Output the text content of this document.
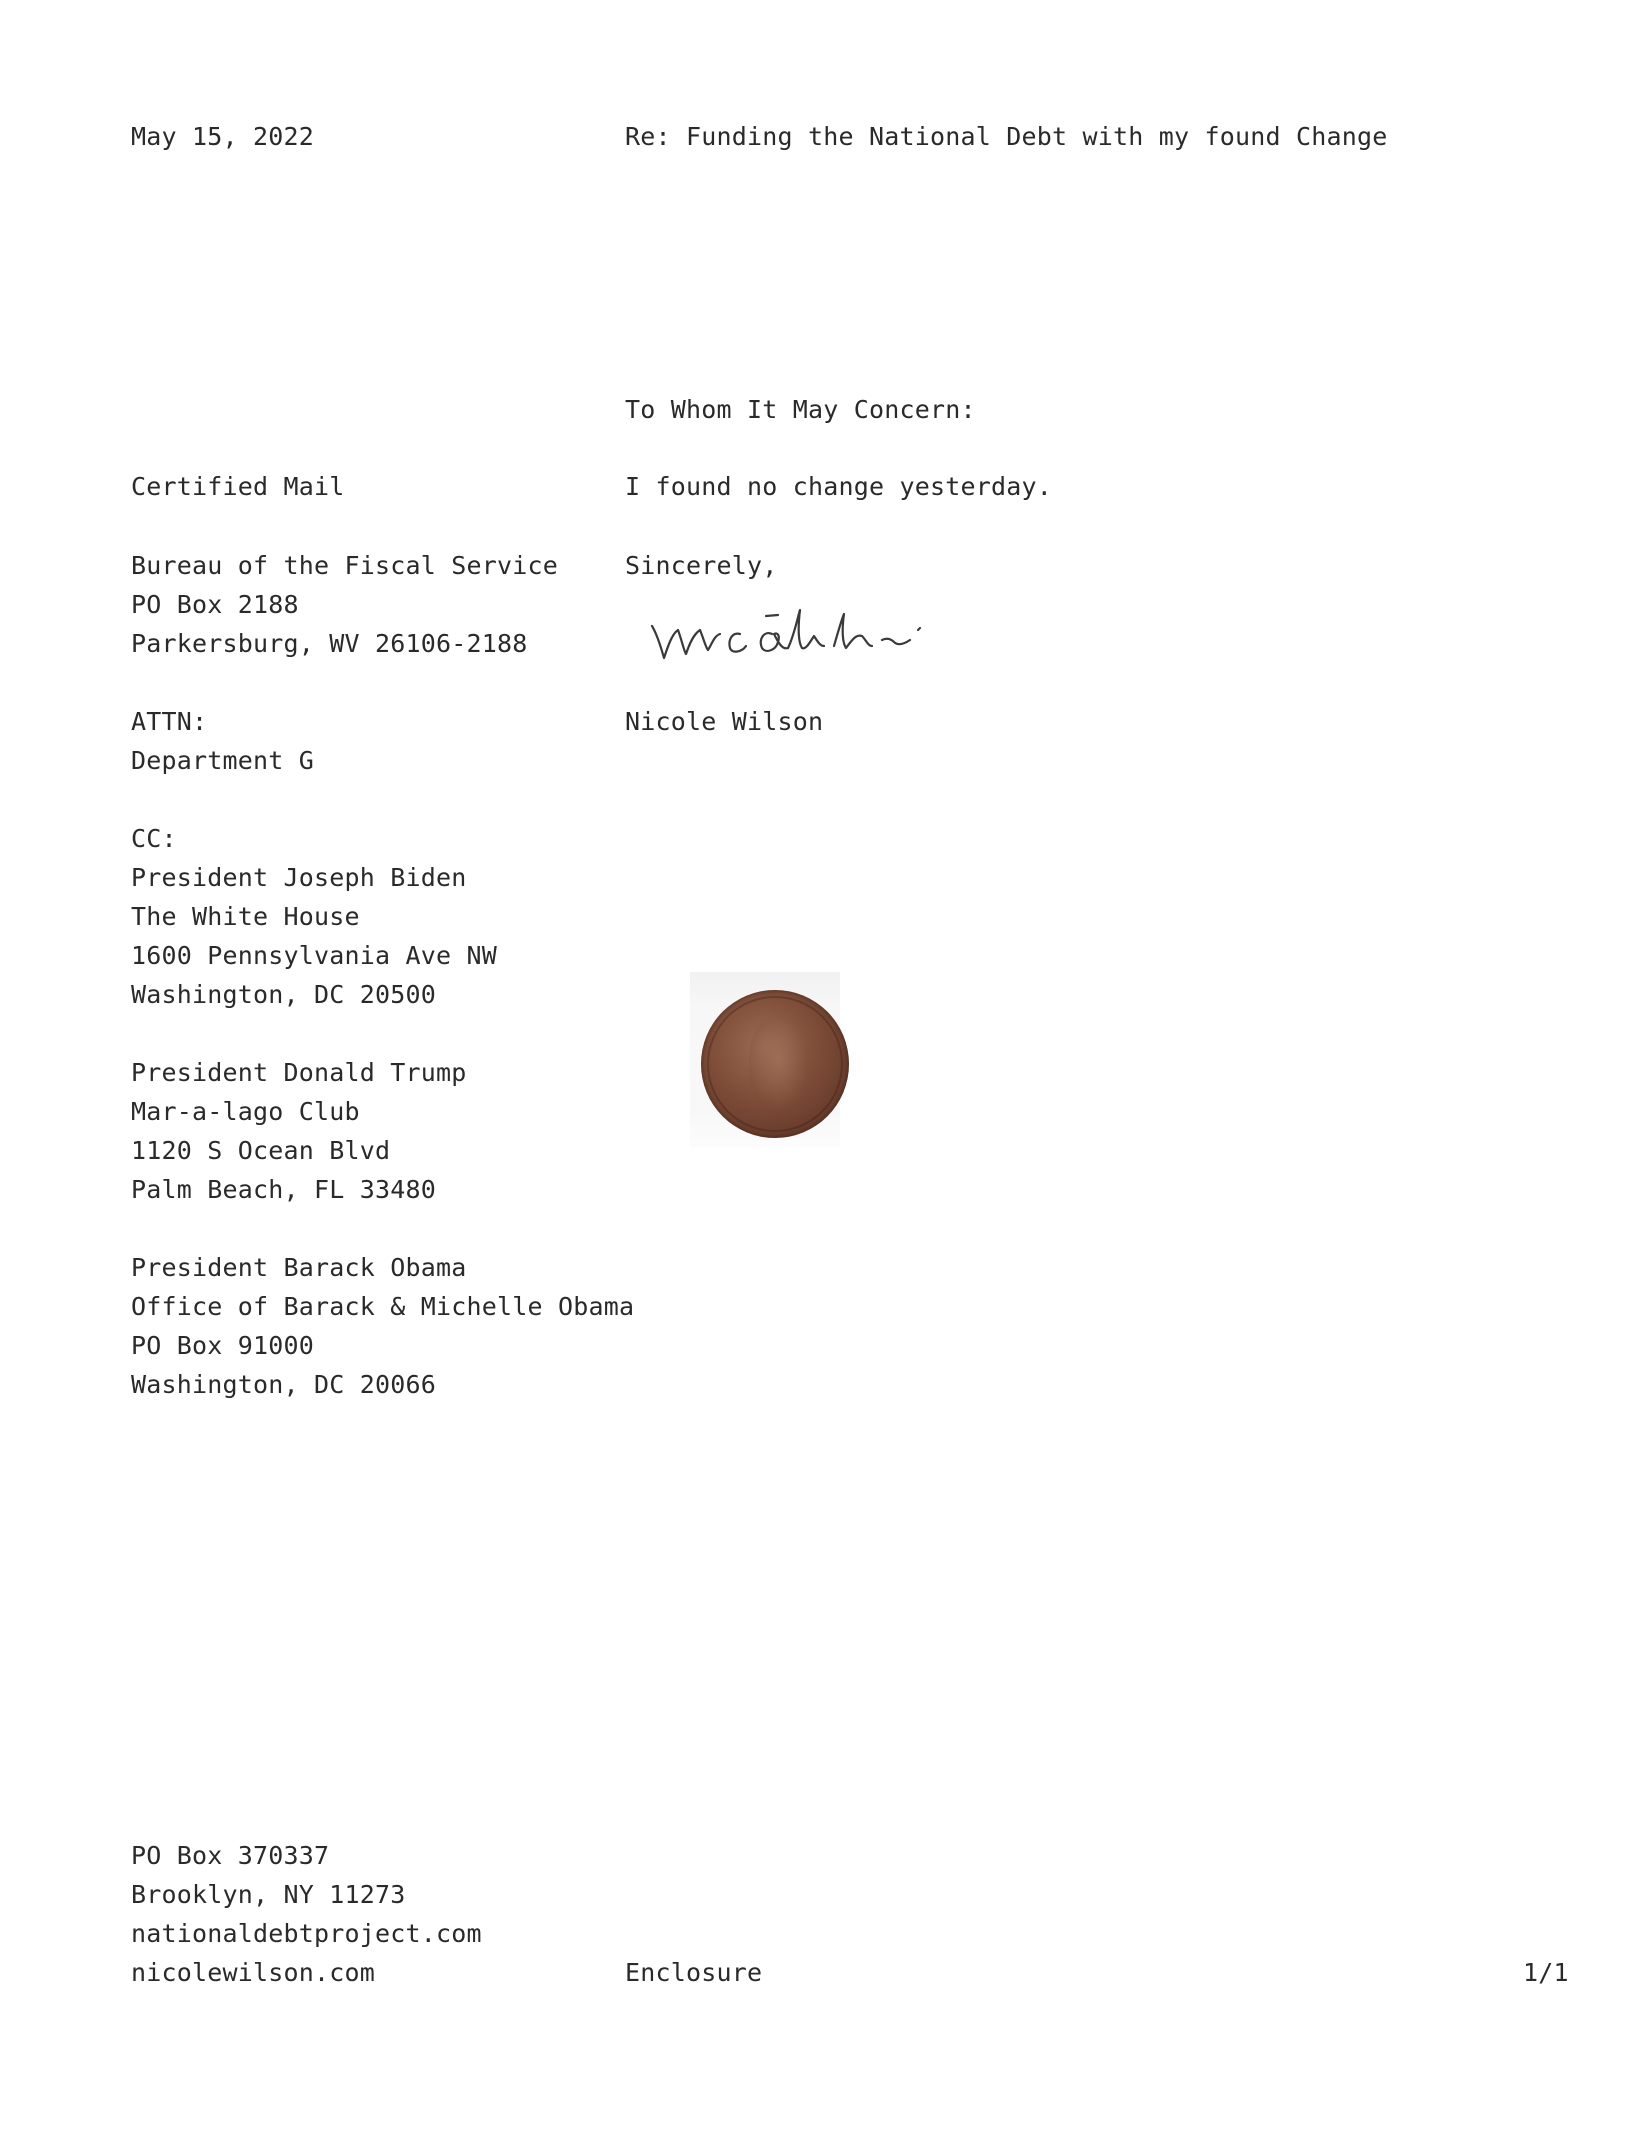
May 15, 2022	Re: Funding the National Debt with my found Change
To Whom It May Concern:
I found no change yesterday.
Sincerely,
Nicole Wilson
Certified Mail
Bureau of the Fiscal Service
PO Box 2188
Parkersburg, WV 26106-2188
ATTN:
Department G
CC:
President Joseph Biden
The White House
1600 Pennsylvania Ave NW
Washington, DC 20500
President Donald Trump
Mar-a-lago Club
1120 S Ocean Blvd
Palm Beach, FL 33480
President Barack Obama
Office of Barack & Michelle Obama
PO Box 91000
Washington, DC 20066
PO Box 370337
Brooklyn, NY 11273
nationaldebtproject.com
nicolewilson.com	Enclosure	1/1
